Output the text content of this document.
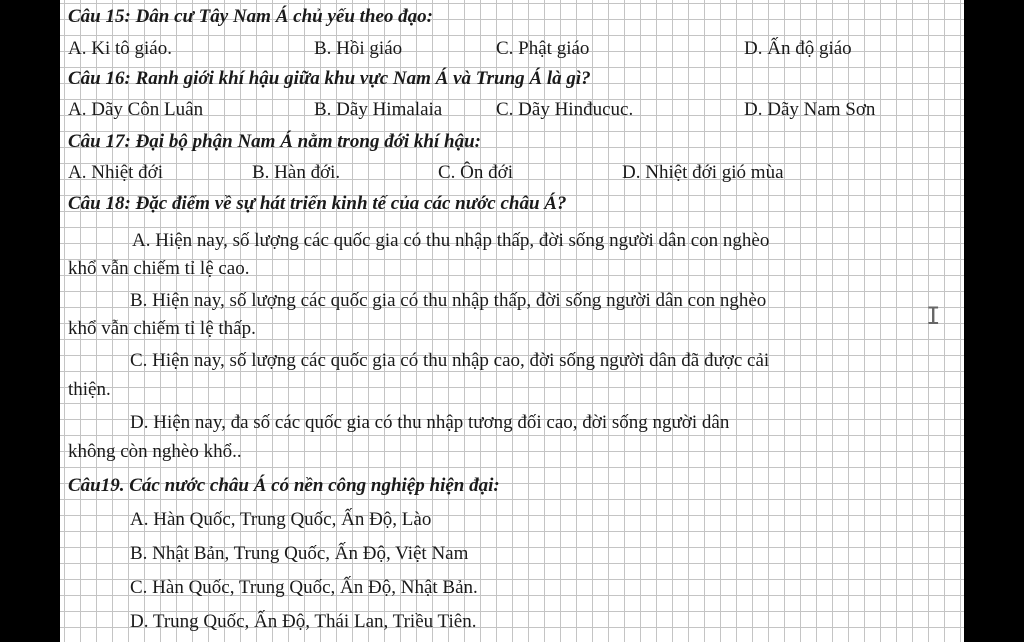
Câu 15: Dân cư Tây Nam Á chủ yếu theo đạo:
A. Ki tô giáo.	B. Hồi giáo	C. Phật giáo	D. Ấn độ giáo
Câu 16: Ranh giới khí hậu giữa khu vực Nam Á và Trung Á là gì?
A. Dãy Côn Luân	B. Dãy Himalaia	C. Dãy Hinđucuc.	D. Dãy Nam Sơn
Câu 17: Đại bộ phận Nam Á nằm trong đới khí hậu:
A. Nhiệt đới	B. Hàn đới.	C. Ôn đới	D. Nhiệt đới gió mùa
Câu 18: Đặc điểm về sự hát triển kinh tế của các nước châu Á?
A. Hiện nay, số lượng các quốc gia có thu nhập thấp, đời sống người dân con nghèo
khổ vẫn chiếm tỉ lệ cao.
B. Hiện nay, số lượng các quốc gia có thu nhập thấp, đời sống người dân con nghèo
khổ vẫn chiếm tỉ lệ thấp.
C. Hiện nay, số lượng các quốc gia có thu nhập cao, đời sống người dân đã được cải
thiện.
D. Hiện nay, đa số các quốc gia có thu nhập tương đối cao, đời sống người dân
không còn nghèo khổ..
Câu19. Các nước châu Á có nền công nghiệp hiện đại:
A. Hàn Quốc, Trung Quốc, Ấn Độ, Lào
B. Nhật Bản, Trung Quốc, Ấn Độ, Việt Nam
C. Hàn Quốc, Trung Quốc, Ấn Độ, Nhật Bản.
D. Trung Quốc, Ấn Độ, Thái Lan, Triều Tiên.
I
